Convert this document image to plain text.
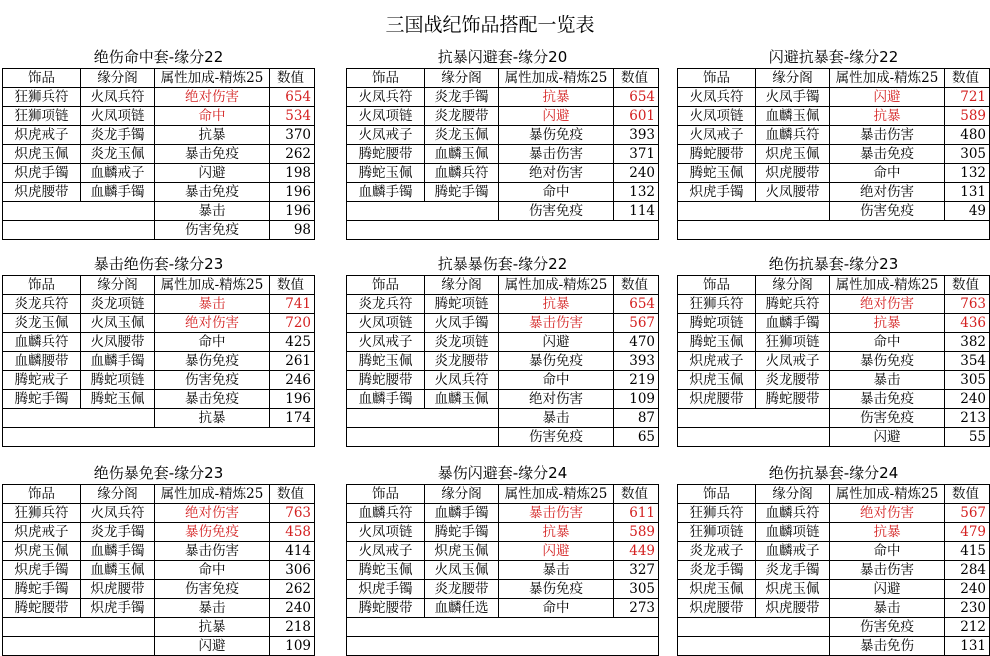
三国战纪饰品搭配一览表
绝伤命中套-缘分22			
饰品	缘分阁	属性加成-精炼25	数值
狂狮兵符	火凤兵符	绝对伤害	654
狂狮项链	火凤项链	命中	534
炽虎戒子	炎龙手镯	抗暴	370
炽虎玉佩	炎龙玉佩	暴击免疫	262
炽虎手镯	血麟戒子	闪避	198
炽虎腰带	血麟手镯	暴击免疫	196
		暴击	196
		伤害免疫	98
抗暴闪避套-缘分20			
饰品	缘分阁	属性加成-精炼25	数值
火凤兵符	炎龙手镯	抗暴	654
火凤项链	炎龙腰带	闪避	601
火凤戒子	炎龙玉佩	暴伤免疫	393
腾蛇腰带	血麟玉佩	暴击伤害	371
腾蛇玉佩	血麟兵符	绝对伤害	240
血麟手镯	腾蛇手镯	命中	132
		伤害免疫	114

闪避抗暴套-缘分22			
饰品	缘分阁	属性加成-精炼25	数值
火凤兵符	火凤手镯	闪避	721
火凤项链	血麟玉佩	抗暴	589
火凤戒子	血麟兵符	暴击伤害	480
腾蛇腰带	炽虎玉佩	暴击免疫	305
腾蛇玉佩	炽虎腰带	命中	132
炽虎手镯	火凤腰带	绝对伤害	131
		伤害免疫	49

暴击绝伤套-缘分23			
饰品	缘分阁	属性加成-精炼25	数值
炎龙兵符	炎龙项链	暴击	741
炎龙玉佩	火凤玉佩	绝对伤害	720
血麟兵符	火凤腰带	命中	425
血麟腰带	血麟手镯	暴伤免疫	261
腾蛇戒子	腾蛇项链	伤害免疫	246
腾蛇手镯	腾蛇玉佩	暴击免疫	196
		抗暴	174

抗暴暴伤套-缘分22			
饰品	缘分阁	属性加成-精炼25	数值
炎龙兵符	腾蛇项链	抗暴	654
火凤项链	火凤手镯	暴击伤害	567
火凤戒子	炎龙项链	闪避	470
腾蛇玉佩	炎龙腰带	暴伤免疫	393
腾蛇腰带	火凤兵符	命中	219
血麟手镯	血麟玉佩	绝对伤害	109
		暴击	87
		伤害免疫	65
绝伤抗暴套-缘分23			
饰品	缘分阁	属性加成-精炼25	数值
狂狮兵符	腾蛇兵符	绝对伤害	763
腾蛇项链	血麟手镯	抗暴	436
腾蛇玉佩	狂狮项链	命中	382
炽虎戒子	火凤戒子	暴伤免疫	354
炽虎玉佩	炎龙腰带	暴击	305
炽虎腰带	腾蛇腰带	暴击免疫	240
		伤害免疫	213
		闪避	55
绝伤暴免套-缘分23			
饰品	缘分阁	属性加成-精炼25	数值
狂狮兵符	火凤兵符	绝对伤害	763
炽虎戒子	炎龙手镯	暴伤免疫	458
炽虎玉佩	血麟手镯	暴击伤害	414
炽虎手镯	血麟玉佩	命中	306
腾蛇手镯	炽虎腰带	伤害免疫	262
腾蛇腰带	炽虎手镯	暴击	240
		抗暴	218
		闪避	109
暴伤闪避套-缘分24			
饰品	缘分阁	属性加成-精炼25	数值
血麟兵符	血麟手镯	暴击伤害	611
火凤项链	腾蛇手镯	抗暴	589
火凤戒子	炽虎玉佩	闪避	449
腾蛇玉佩	火凤玉佩	暴击	327
炽虎手镯	炎龙腰带	暴伤免疫	305
腾蛇腰带	血麟任选	命中	273

绝伤抗暴套-缘分24			
饰品	缘分阁	属性加成-精炼25	数值
狂狮兵符	血麟兵符	绝对伤害	567
狂狮项链	血麟项链	抗暴	479
炎龙戒子	血麟戒子	命中	415
炎龙手镯	炎龙手镯	暴击伤害	284
炽虎玉佩	炽虎玉佩	闪避	240
炽虎腰带	炽虎腰带	暴击	230
		伤害免疫	212
		暴击免伤	131
